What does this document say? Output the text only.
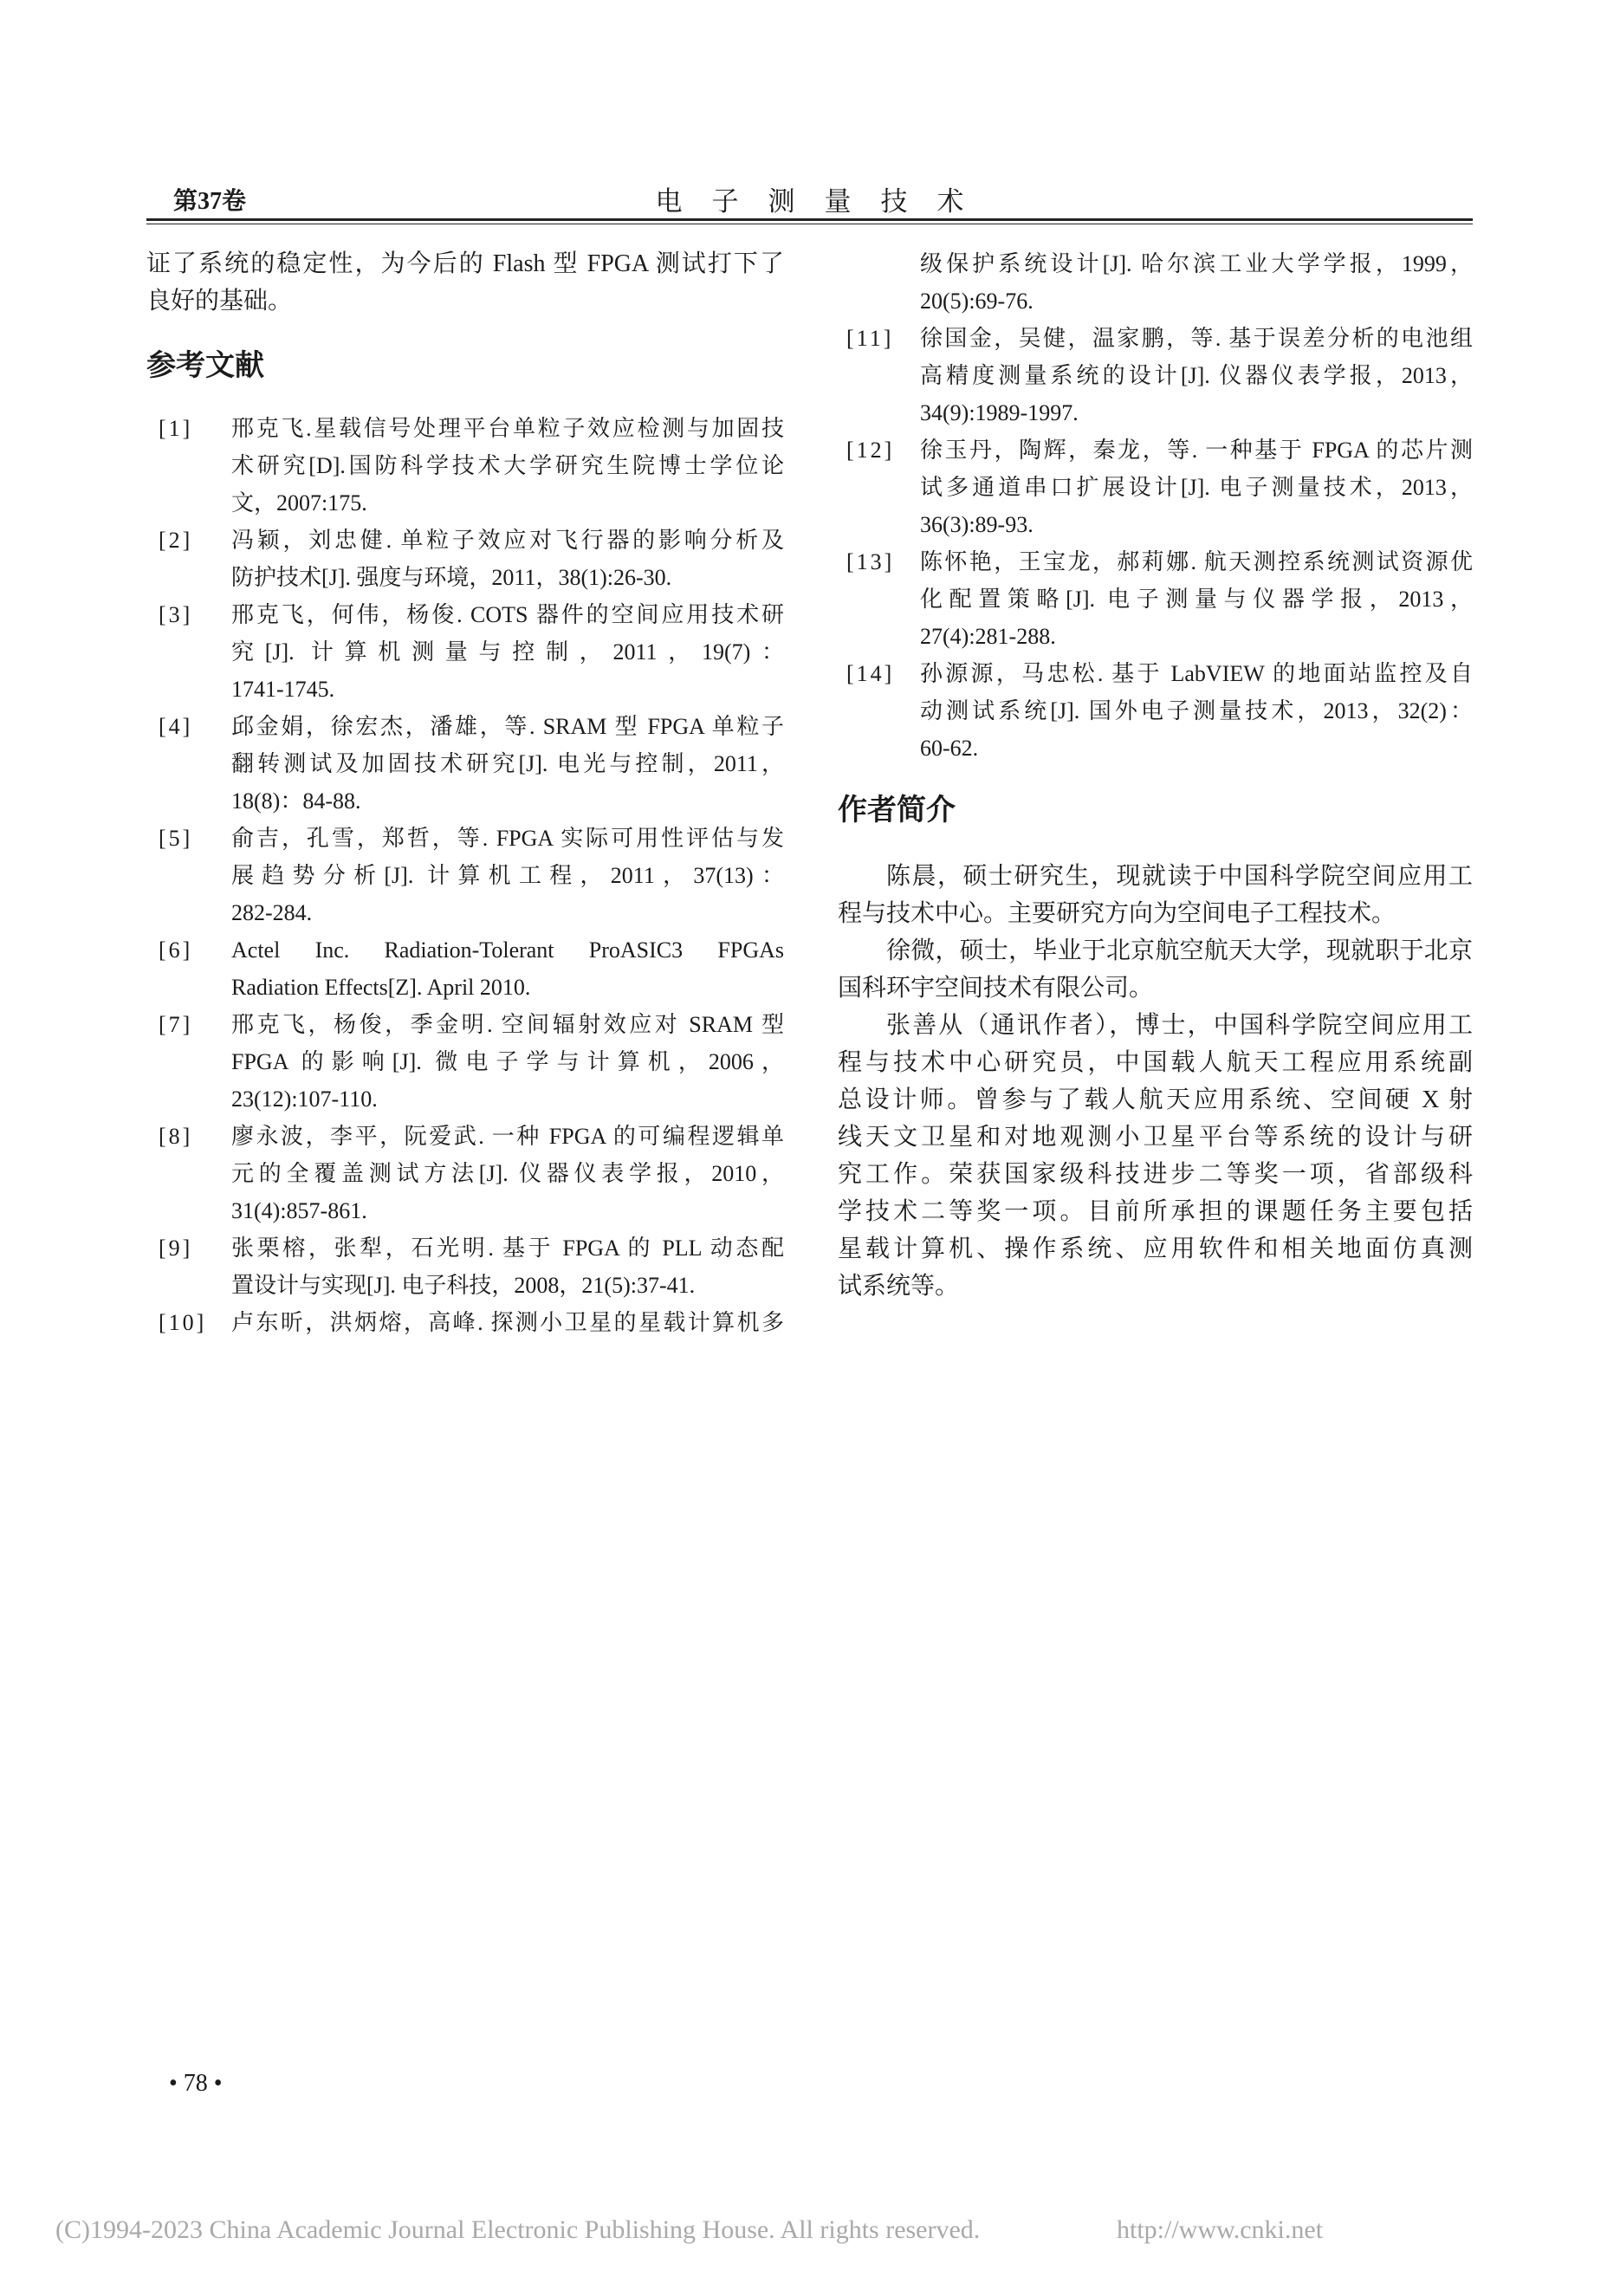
第37卷	电子测量技术
证了系统的稳定性，为今后的 Flash 型 FPGA 测试打下了
良好的基础。
参考文献
[1] 邢克飞.星载信号处理平台单粒子效应检测与加固技
术研究[D].国防科学技术大学研究生院博士学位论
文，2007:175.
[2] 冯颖，刘忠健. 单粒子效应对飞行器的影响分析及
防护技术[J]. 强度与环境，2011，38(1):26-30.
[3] 邢克飞，何伟，杨俊. COTS 器件的空间应用技术研
究[J]. 计算机测量与控制，2011，19(7)：
1741-1745.
[4] 邱金娟，徐宏杰，潘雄，等. SRAM 型 FPGA 单粒子
翻转测试及加固技术研究[J]. 电光与控制，2011，
18(8)：84-88.
[5] 俞吉，孔雪，郑哲，等. FPGA 实际可用性评估与发
展趋势分析[J]. 计算机工程，2011，37(13)：
282-284.
[6] Actel Inc. Radiation-Tolerant ProASIC3 FPGAs
Radiation Effects[Z]. April 2010.
[7] 邢克飞，杨俊，季金明. 空间辐射效应对 SRAM 型
FPGA 的影响[J]. 微电子学与计算机，2006，
23(12):107-110.
[8] 廖永波，李平，阮爱武. 一种 FPGA 的可编程逻辑单
元的全覆盖测试方法[J]. 仪器仪表学报，2010，
31(4):857-861.
[9] 张栗榕，张犁，石光明. 基于 FPGA 的 PLL 动态配
置设计与实现[J]. 电子科技，2008，21(5):37-41.
[10] 卢东昕，洪炳熔，高峰. 探测小卫星的星载计算机多
级保护系统设计[J]. 哈尔滨工业大学学报，1999，
20(5):69-76.
[11] 徐国金，吴健，温家鹏，等. 基于误差分析的电池组
高精度测量系统的设计[J]. 仪器仪表学报，2013，
34(9):1989-1997.
[12] 徐玉丹，陶辉，秦龙，等. 一种基于 FPGA 的芯片测
试多通道串口扩展设计[J]. 电子测量技术，2013，
36(3):89-93.
[13] 陈怀艳，王宝龙，郝莉娜. 航天测控系统测试资源优
化配置策略[J]. 电子测量与仪器学报，2013，
27(4):281-288.
[14] 孙源源，马忠松. 基于 LabVIEW 的地面站监控及自
动测试系统[J]. 国外电子测量技术，2013，32(2)：
60-62.
作者简介
陈晨，硕士研究生，现就读于中国科学院空间应用工
程与技术中心。主要研究方向为空间电子工程技术。
徐微，硕士，毕业于北京航空航天大学，现就职于北京
国科环宇空间技术有限公司。
张善从（通讯作者），博士，中国科学院空间应用工
程与技术中心研究员，中国载人航天工程应用系统副
总设计师。曾参与了载人航天应用系统、空间硬 X 射
线天文卫星和对地观测小卫星平台等系统的设计与研
究工作。荣获国家级科技进步二等奖一项，省部级科
学技术二等奖一项。目前所承担的课题任务主要包括
星载计算机、操作系统、应用软件和相关地面仿真测
试系统等。
• 78 •
(C)1994-2023 China Academic Journal Electronic Publishing House. All rights reserved.	http://www.cnki.net
